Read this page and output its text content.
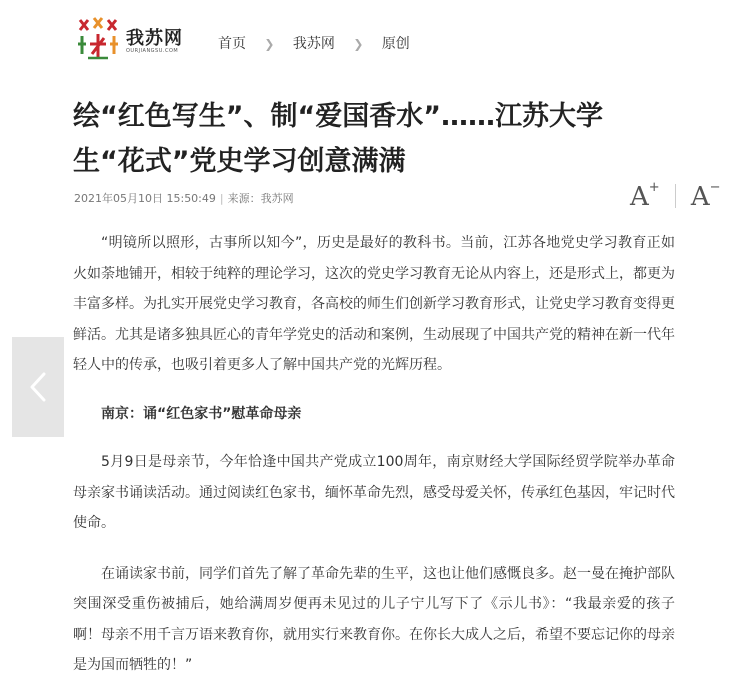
我苏网
OURJIANGSU.COM	首页 ❯ 我苏网 ❯ 原创
绘“红色写生”、制“爱国香水”……江苏大学生“花式”党史学习创意满满
2021年05月10日 15:50:49 | 来源：我苏网	A+ A−

“明镜所以照形，古事所以知今”，历史是最好的教科书。当前，江苏各地党史学习教育正如火如荼地铺开，相较于纯粹的理论学习，这次的党史学习教育无论从内容上，还是形式上，都更为丰富多样。为扎实开展党史学习教育，各高校的师生们创新学习教育形式，让党史学习教育变得更鲜活。尤其是诸多独具匠心的青年学党史的活动和案例，生动展现了中国共产党的精神在新一代年轻人中的传承，也吸引着更多人了解中国共产党的光辉历程。

南京：诵“红色家书”慰革命母亲

5月9日是母亲节，今年恰逢中国共产党成立100周年，南京财经大学国际经贸学院举办革命母亲家书诵读活动。通过阅读红色家书，缅怀革命先烈，感受母爱关怀，传承红色基因，牢记时代使命。

在诵读家书前，同学们首先了解了革命先辈的生平，这也让他们感慨良多。赵一曼在掩护部队突围深受重伤被捕后，她给满周岁便再未见过的儿子宁儿写下了《示儿书》：“我最亲爱的孩子啊！母亲不用千言万语来教育你，就用实行来教育你。在你长大成人之后，希望不要忘记你的母亲是为国而牺牲的！”
